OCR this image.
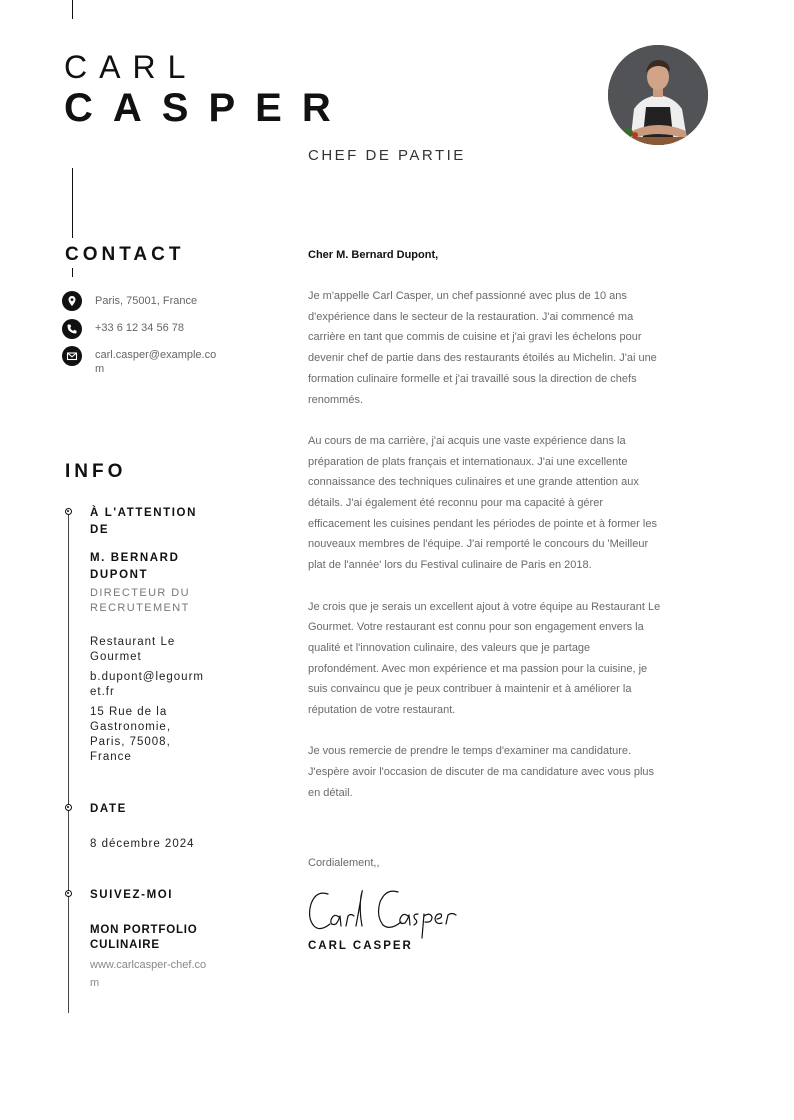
CARL
CASPER
CHEF DE PARTIE
CONTACT
Paris, 75001, France
+33 6 12 34 56 78
carl.casper@example.com
INFO
À L'ATTENTION DE
M. BERNARD DUPONT
DIRECTEUR DU RECRUTEMENT
Restaurant Le Gourmet
b.dupont@legourmet.fr
15 Rue de la Gastronomie, Paris, 75008, France
DATE
8 décembre 2024
SUIVEZ-MOI
MON PORTFOLIO CULINAIRE
www.carlcasper-chef.com
Cher M. Bernard Dupont,

Je m'appelle Carl Casper, un chef passionné avec plus de 10 ans d'expérience dans le secteur de la restauration. J'ai commencé ma carrière en tant que commis de cuisine et j'ai gravi les échelons pour devenir chef de partie dans des restaurants étoilés au Michelin. J'ai une formation culinaire formelle et j'ai travaillé sous la direction de chefs renommés.

Au cours de ma carrière, j'ai acquis une vaste expérience dans la préparation de plats français et internationaux. J'ai une excellente connaissance des techniques culinaires et une grande attention aux détails. J'ai également été reconnu pour ma capacité à gérer efficacement les cuisines pendant les périodes de pointe et à former les nouveaux membres de l'équipe. J'ai remporté le concours du 'Meilleur plat de l'année' lors du Festival culinaire de Paris en 2018.

Je crois que je serais un excellent ajout à votre équipe au Restaurant Le Gourmet. Votre restaurant est connu pour son engagement envers la qualité et l'innovation culinaire, des valeurs que je partage profondément. Avec mon expérience et ma passion pour la cuisine, je suis convaincu que je peux contribuer à maintenir et à améliorer la réputation de votre restaurant.

Je vous remercie de prendre le temps d'examiner ma candidature. J'espère avoir l'occasion de discuter de ma candidature avec vous plus en détail.

Cordialement,,
CARL CASPER
